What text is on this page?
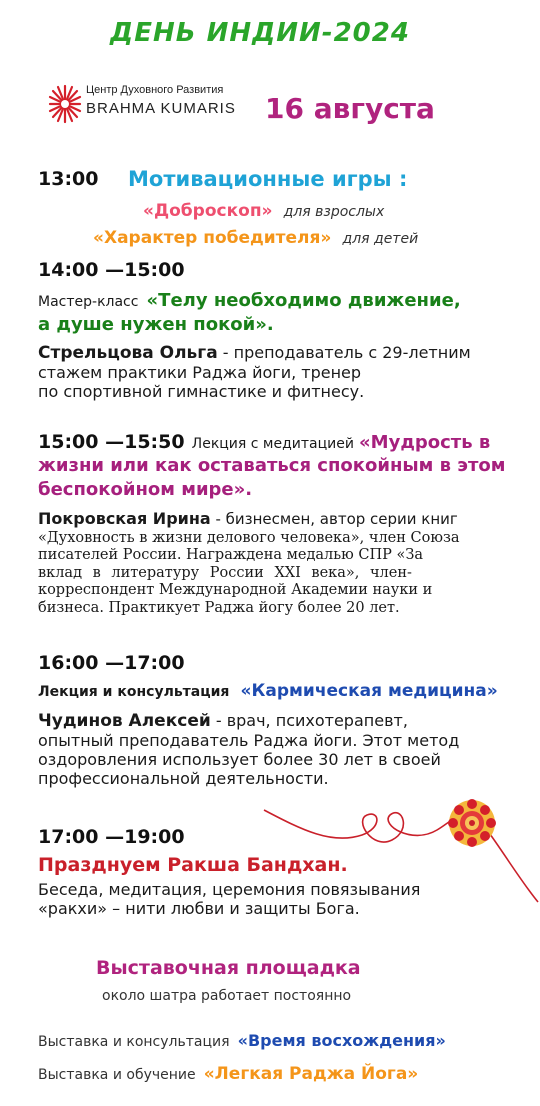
ДЕНЬ ИНДИИ-2024
Центр Духовного Развития
BRAHMA KUMARIS 16 августа
13:00 Мотивационные игры :
«Доброскоп» для взрослых
«Характер победителя» для детей
14:00 —15:00
Мастер-класс «Телу необходимо движение,
а душе нужен покой».
Стрельцова Ольга - преподаватель с 29-летним
стажем практики Раджа йоги, тренер
по спортивной гимнастике и фитнесу.
15:00 —15:50 Лекция с медитацией «Мудрость в
жизни или как оставаться спокойным в этом
беспокойном мире».
Покровская Ирина - бизнесмен, автор серии книг
«Духовность в жизни делового человека», член Союза
писателей России. Награждена медалью СПР «За
вклад в литературу России XXI века», член-
корреспондент Международной Академии науки и
бизнеса. Практикует Раджа йогу более 20 лет.
16:00 —17:00
Лекция и консультация «Кармическая медицина»
Чудинов Алексей - врач, психотерапевт,
опытный преподаватель Раджа йоги. Этот метод
оздоровления использует более 30 лет в своей
профессиональной деятельности.
17:00 —19:00
Празднуем Ракша Бандхан.
Беседа, медитация, церемония повязывания
«ракхи» – нити любви и защиты Бога.
Выставочная площадка
около шатра работает постоянно
Выставка и консультация «Время восхождения»
Выставка и обучение «Легкая Раджа Йога»
